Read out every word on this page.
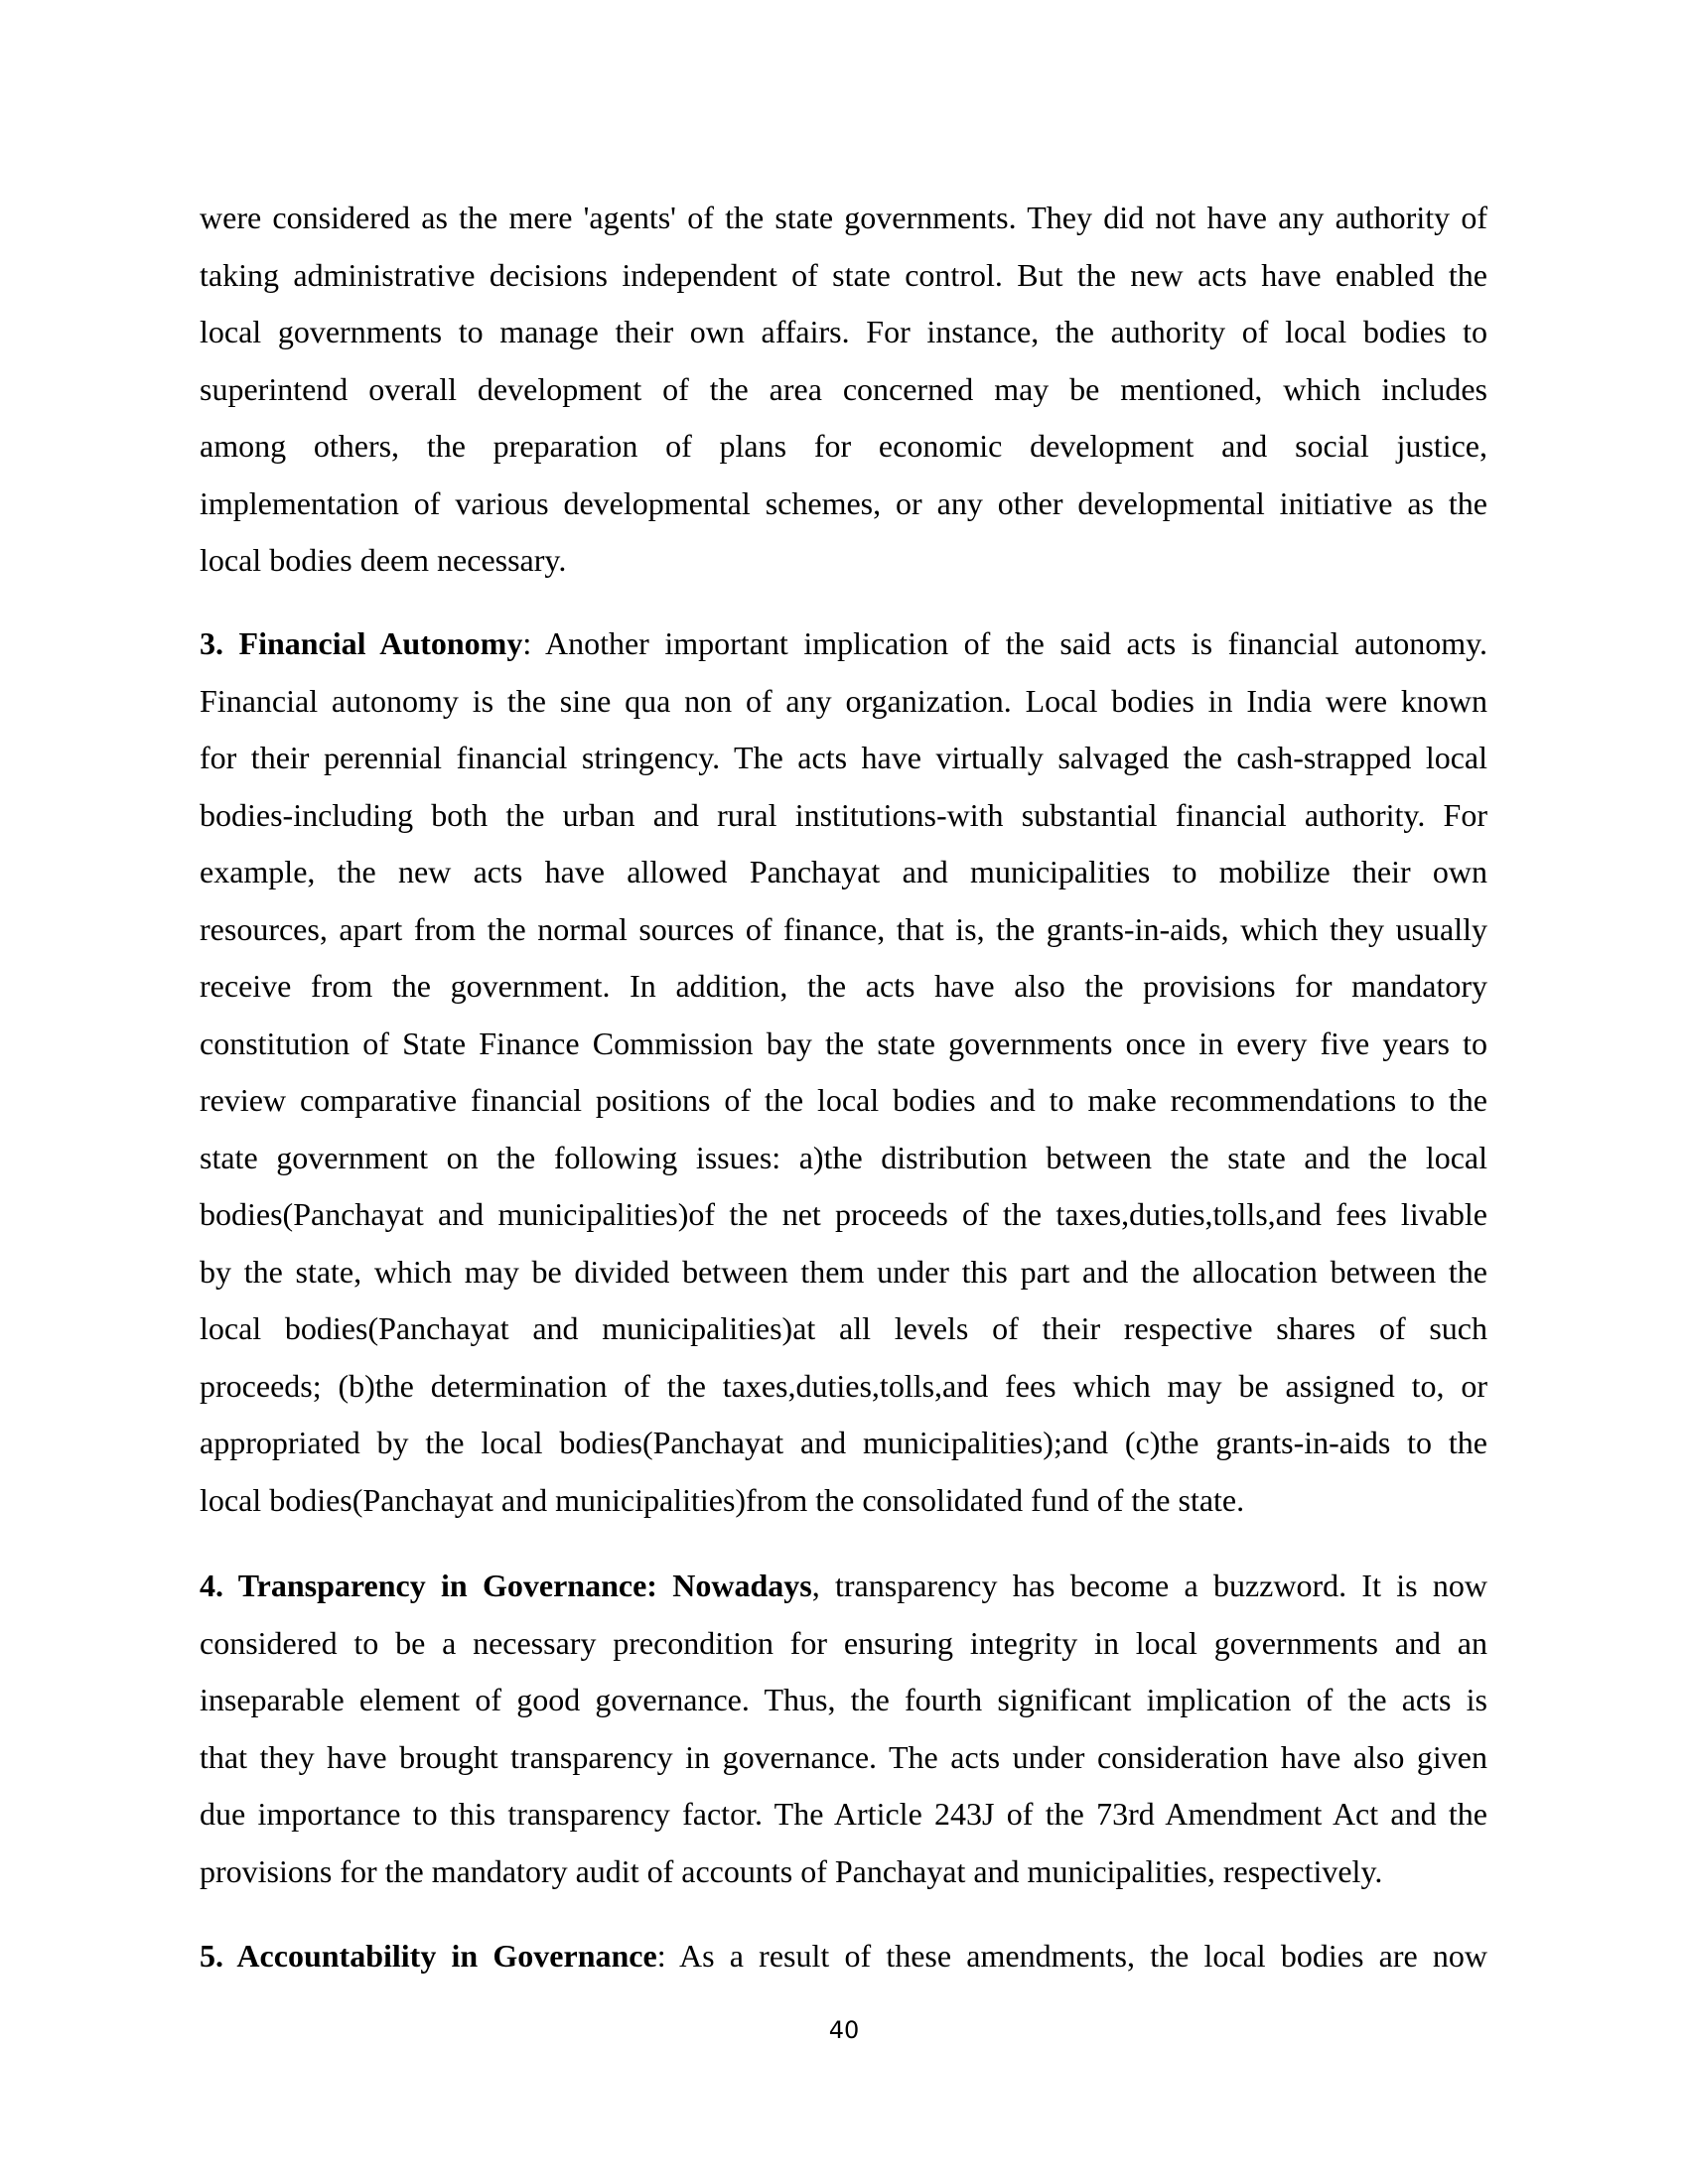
were considered as the mere 'agents' of the state governments. They did not have any authority of
taking administrative decisions independent of state control. But the new acts have enabled the
local governments to manage their own affairs. For instance, the authority of local bodies to
superintend overall development of the area concerned may be mentioned, which includes
among others, the preparation of plans for economic development and social justice,
implementation of various developmental schemes, or any other developmental initiative as the
local bodies deem necessary.
3. Financial Autonomy: Another important implication of the said acts is financial autonomy.
Financial autonomy is the sine qua non of any organization. Local bodies in India were known
for their perennial financial stringency. The acts have virtually salvaged the cash-strapped local
bodies-including both the urban and rural institutions-with substantial financial authority. For
example, the new acts have allowed Panchayat and municipalities to mobilize their own
resources, apart from the normal sources of finance, that is, the grants-in-aids, which they usually
receive from the government. In addition, the acts have also the provisions for mandatory
constitution of State Finance Commission bay the state governments once in every five years to
review comparative financial positions of the local bodies and to make recommendations to the
state government on the following issues: a)the distribution between the state and the local
bodies(Panchayat and municipalities)of the net proceeds of the taxes,duties,tolls,and fees livable
by the state, which may be divided between them under this part and the allocation between the
local bodies(Panchayat and municipalities)at all levels of their respective shares of such
proceeds; (b)the determination of the taxes,duties,tolls,and fees which may be assigned to, or
appropriated by the local bodies(Panchayat and municipalities);and (c)the grants-in-aids to the
local bodies(Panchayat and municipalities)from the consolidated fund of the state.
4. Transparency in Governance: Nowadays, transparency has become a buzzword. It is now
considered to be a necessary precondition for ensuring integrity in local governments and an
inseparable element of good governance. Thus, the fourth significant implication of the acts is
that they have brought transparency in governance. The acts under consideration have also given
due importance to this transparency factor. The Article 243J of the 73rd Amendment Act and the
provisions for the mandatory audit of accounts of Panchayat and municipalities, respectively.
5. Accountability in Governance: As a result of these amendments, the local bodies are now
40
